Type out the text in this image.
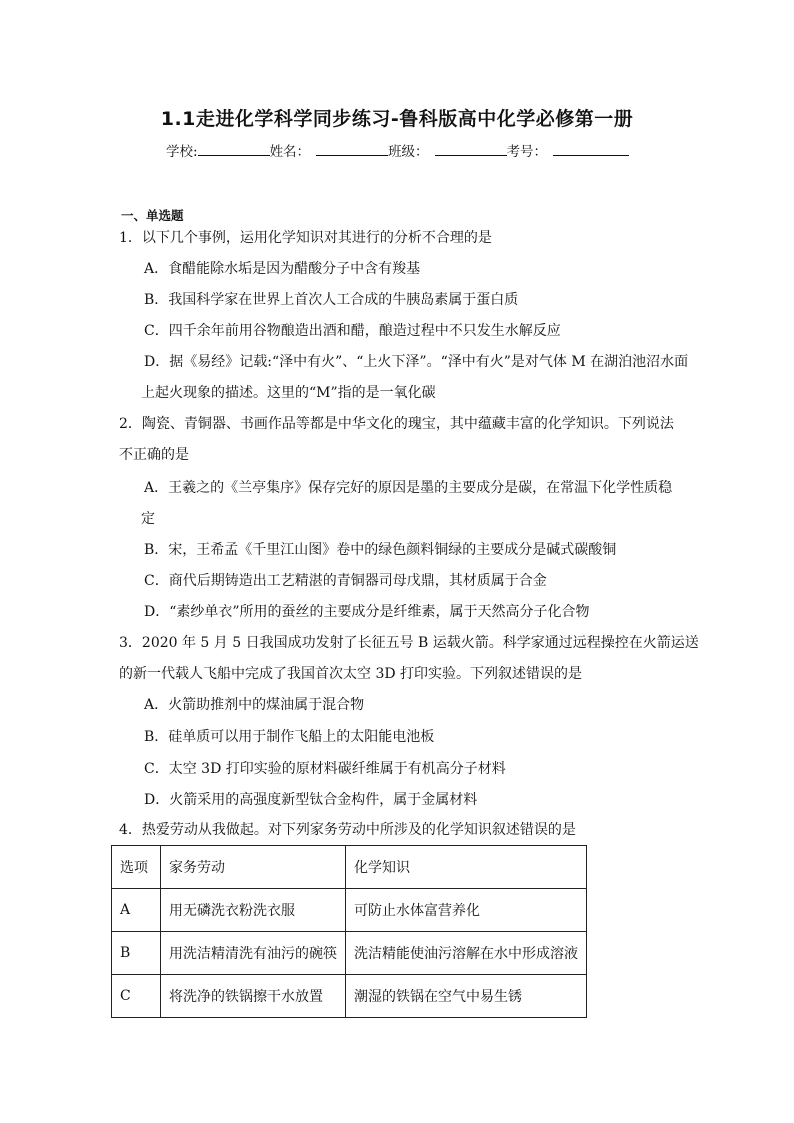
1.1走进化学科学同步练习-鲁科版高中化学必修第一册
学校:	姓名：	班级：	考号：
一、单选题
1．以下几个事例，运用化学知识对其进行的分析不合理的是
A．食醋能除水垢是因为醋酸分子中含有羧基
B．我国科学家在世界上首次人工合成的牛胰岛素属于蛋白质
C．四千余年前用谷物酿造出酒和醋，酿造过程中不只发生水解反应
D．据《易经》记载:“泽中有火”、“上火下泽”。“泽中有火”是对气体 M 在湖泊池沼水面
上起火现象的描述。这里的“M”指的是一氧化碳
2．陶瓷、青铜器、书画作品等都是中华文化的瑰宝，其中蕴藏丰富的化学知识。下列说法
不正确的是
A．王羲之的《兰亭集序》保存完好的原因是墨的主要成分是碳，在常温下化学性质稳
定
B．宋，王希孟《千里江山图》卷中的绿色颜料铜绿的主要成分是碱式碳酸铜
C．商代后期铸造出工艺精湛的青铜器司母戊鼎，其材质属于合金
D．“素纱单衣”所用的蚕丝的主要成分是纤维素，属于天然高分子化合物
3．2020 年 5 月 5 日我国成功发射了长征五号 B 运载火箭。科学家通过远程操控在火箭运送
的新一代载人飞船中完成了我国首次太空 3D 打印实验。下列叙述错误的是
A．火箭助推剂中的煤油属于混合物
B．硅单质可以用于制作飞船上的太阳能电池板
C．太空 3D 打印实验的原材料碳纤维属于有机高分子材料
D．火箭采用的高强度新型钛合金构件，属于金属材料
4．热爱劳动从我做起。对下列家务劳动中所涉及的化学知识叙述错误的是
选项	家务劳动	化学知识
A	用无磷洗衣粉洗衣服	可防止水体富营养化
B	用洗洁精清洗有油污的碗筷	洗洁精能使油污溶解在水中形成溶液
C	将洗净的铁锅擦干水放置	潮湿的铁锅在空气中易生锈
